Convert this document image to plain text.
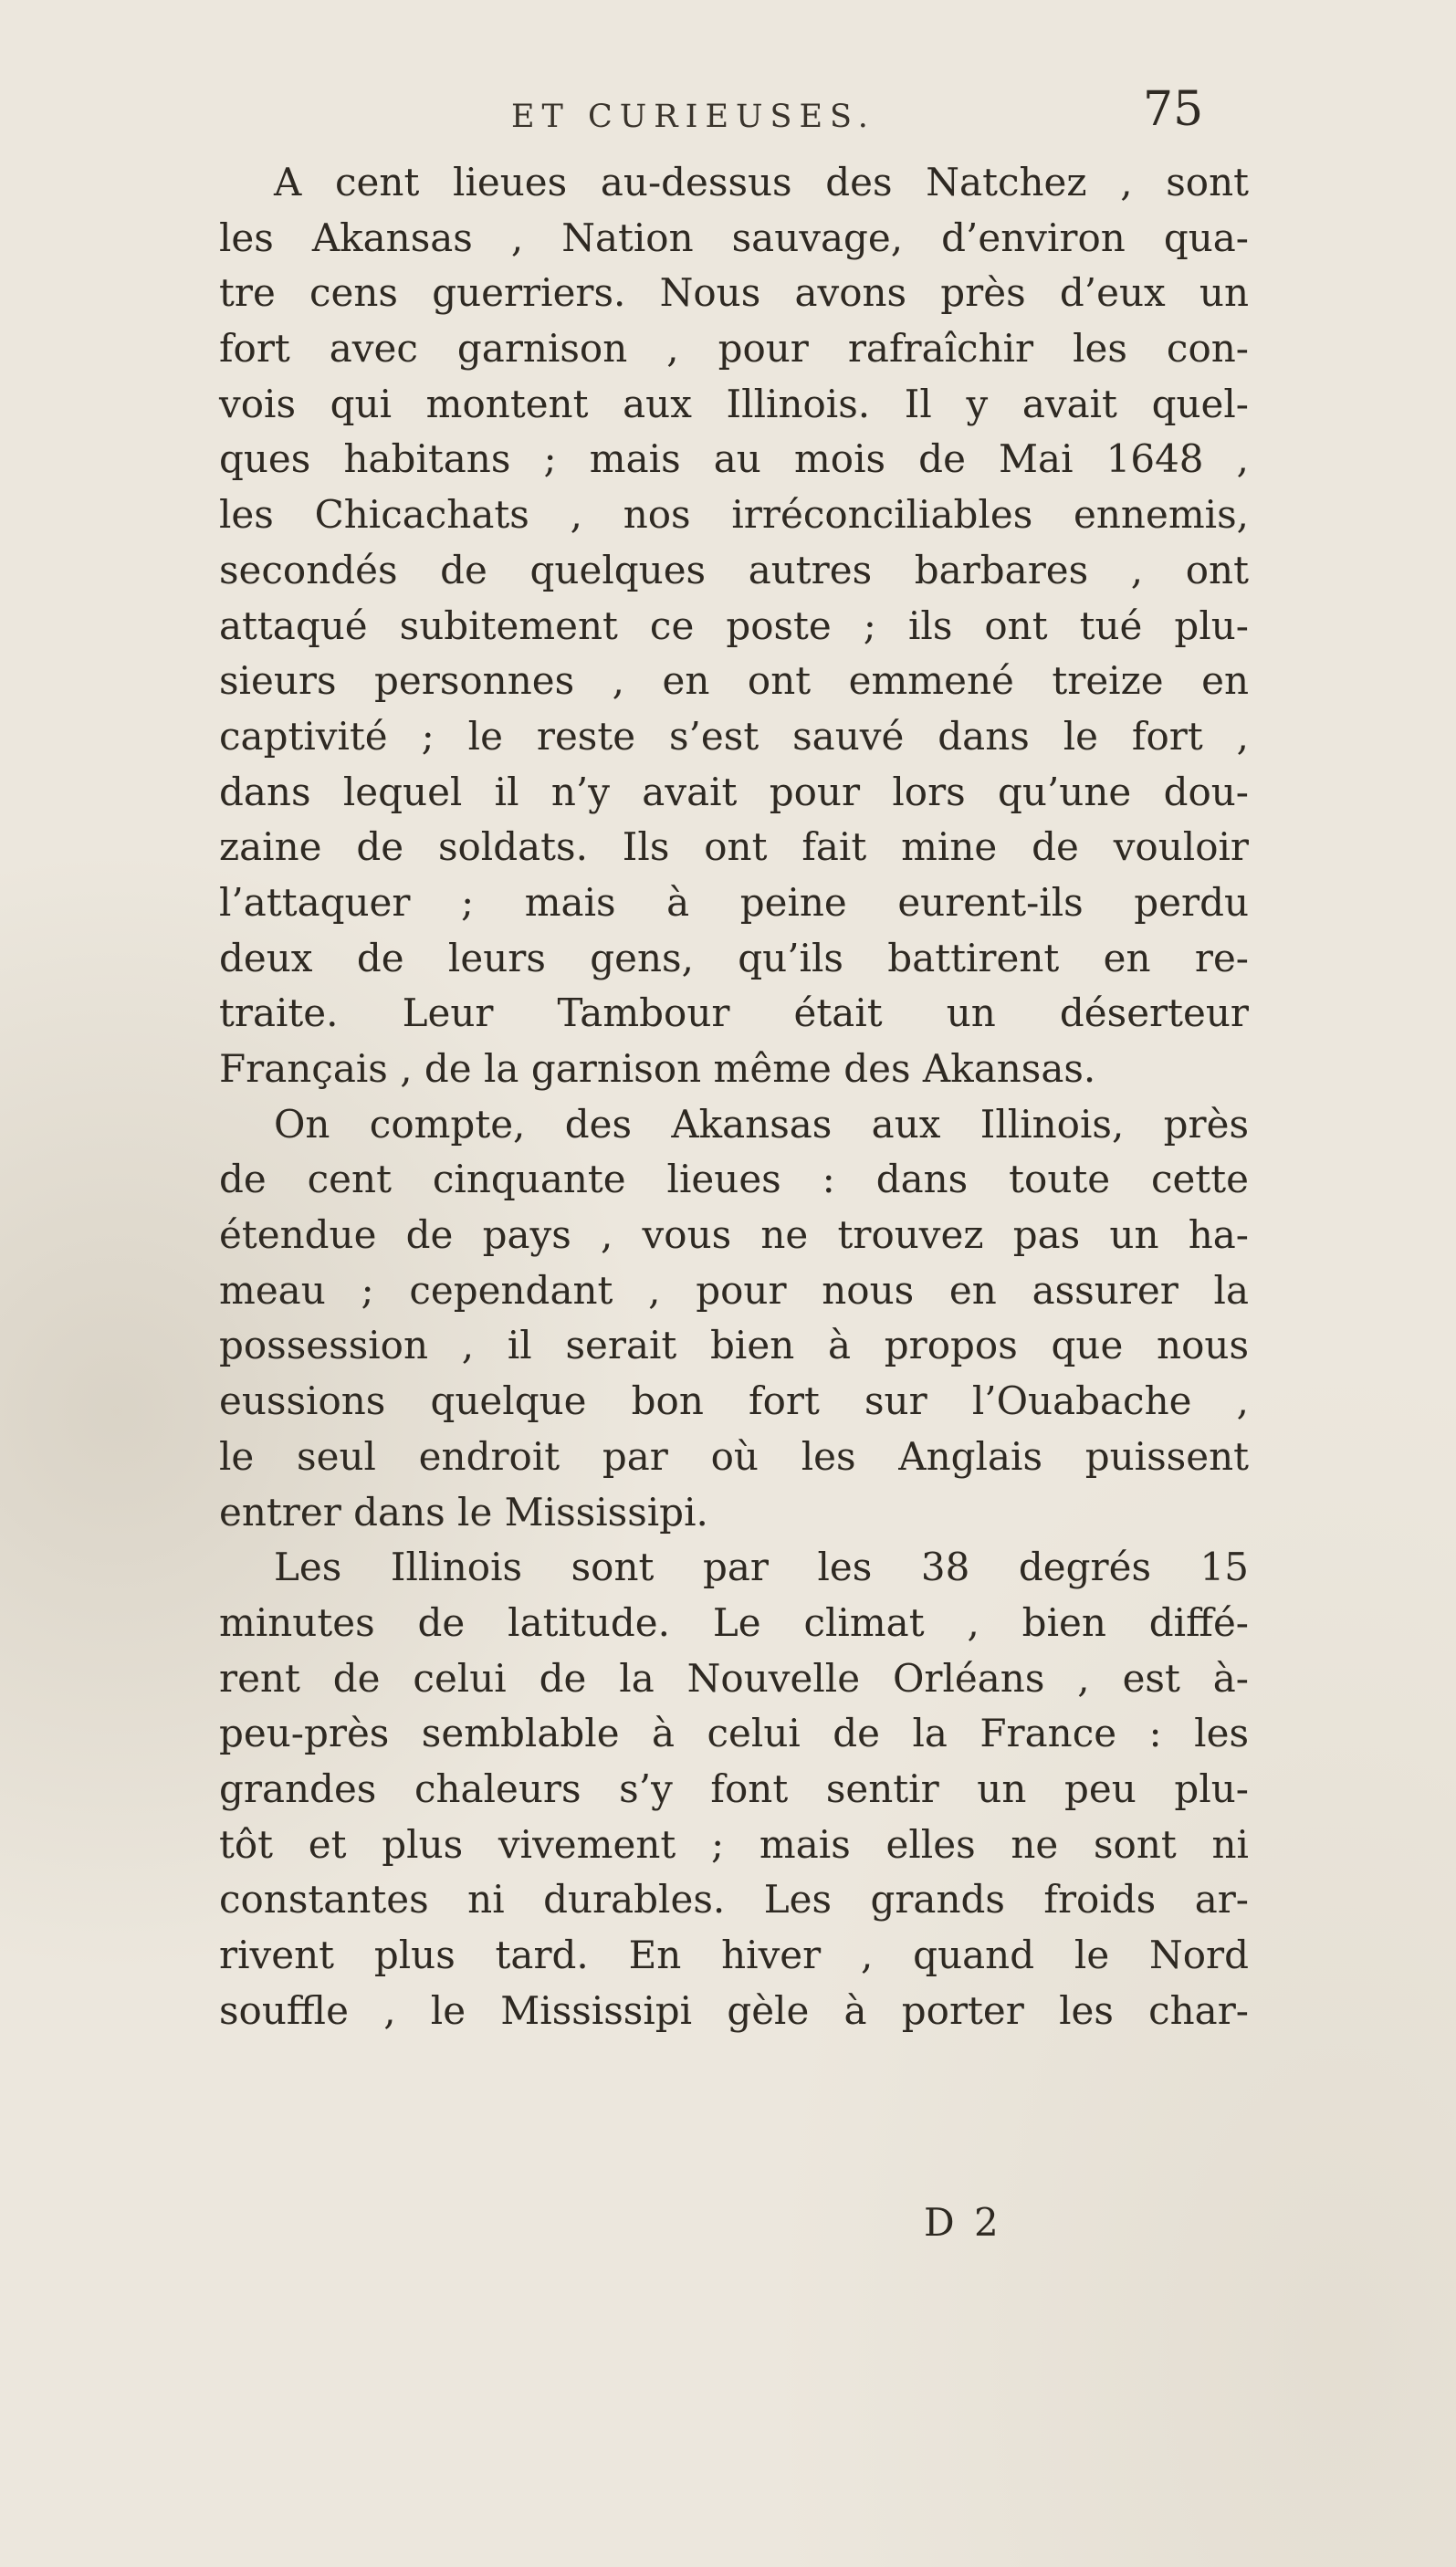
ET CURIEUSES.	75
A cent lieues au-dessus des Natchez , sont
les Akansas , Nation sauvage, d’environ qua-
tre cens guerriers. Nous avons près d’eux un
fort avec garnison , pour rafraîchir les con-
vois qui montent aux Illinois. Il y avait quel-
ques habitans ; mais au mois de Mai 1648 ,
les Chicachats , nos irréconciliables ennemis,
secondés de quelques autres barbares , ont
attaqué subitement ce poste ; ils ont tué plu-
sieurs personnes , en ont emmené treize en
captivité ; le reste s’est sauvé dans le fort ,
dans lequel il n’y avait pour lors qu’une dou-
zaine de soldats. Ils ont fait mine de vouloir
l’attaquer ; mais à peine eurent-ils perdu
deux de leurs gens, qu’ils battirent en re-
traite. Leur Tambour était un déserteur
Français , de la garnison même des Akansas.
On compte, des Akansas aux Illinois, près
de cent cinquante lieues : dans toute cette
étendue de pays , vous ne trouvez pas un ha-
meau ; cependant , pour nous en assurer la
possession , il serait bien à propos que nous
eussions quelque bon fort sur l’Ouabache ,
le seul endroit par où les Anglais puissent
entrer dans le Mississipi.
Les Illinois sont par les 38 degrés 15
minutes de latitude. Le climat , bien diffé-
rent de celui de la Nouvelle Orléans , est à-
peu-près semblable à celui de la France : les
grandes chaleurs s’y font sentir un peu plu-
tôt et plus vivement ; mais elles ne sont ni
constantes ni durables. Les grands froids ar-
rivent plus tard. En hiver , quand le Nord
souffle , le Mississipi gèle à porter les char-
D 2
